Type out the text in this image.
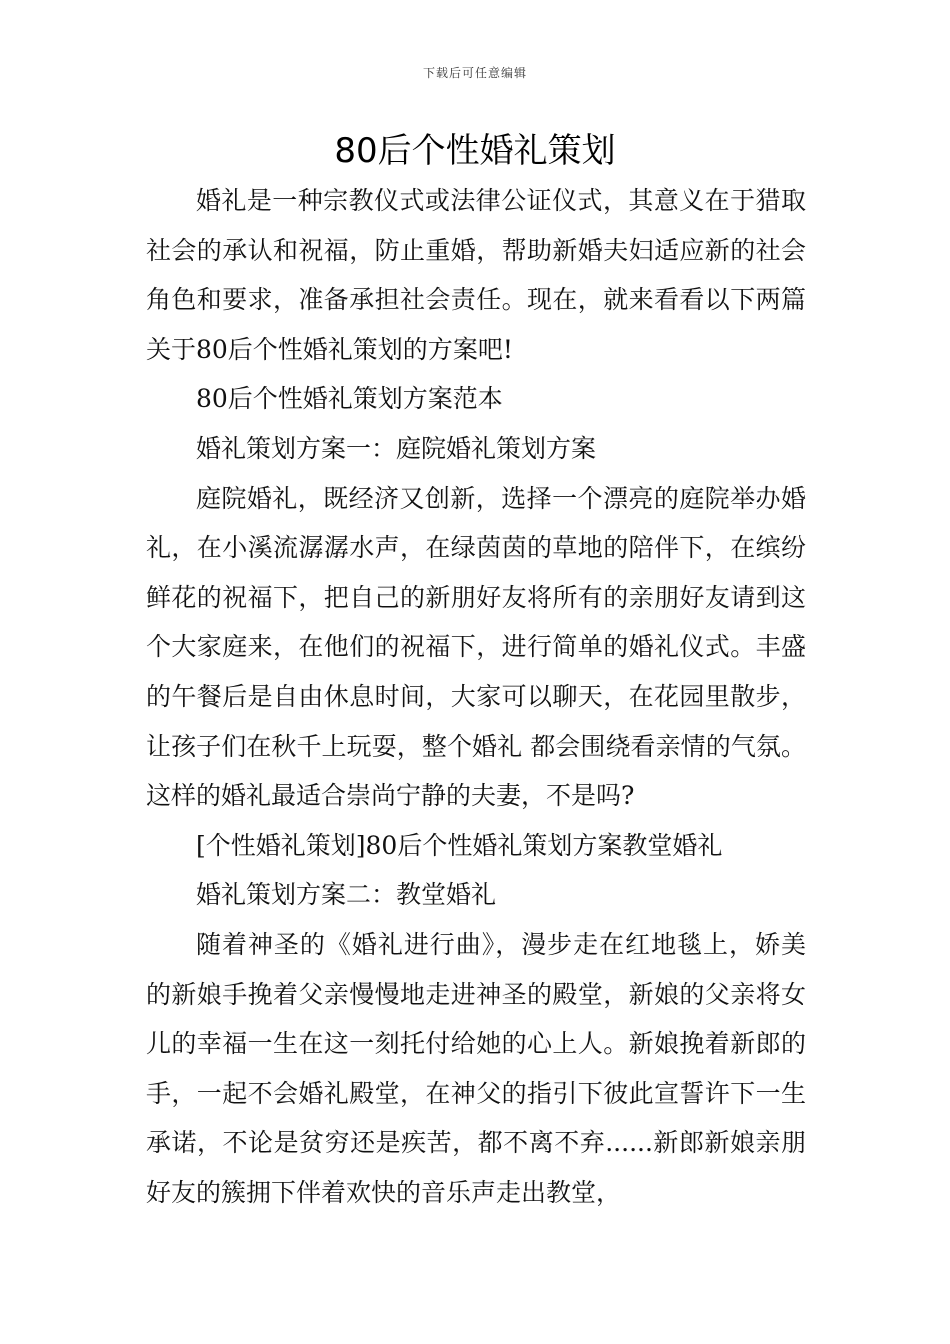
下载后可任意编辑
80后个性婚礼策划

婚礼是一种宗教仪式或法律公证仪式，其意义在于猎取社会的承认和祝福，防止重婚，帮助新婚夫妇适应新的社会角色和要求，准备承担社会责任。现在，就来看看以下两篇关于80后个性婚礼策划的方案吧!

80后个性婚礼策划方案范本

婚礼策划方案一：庭院婚礼策划方案

庭院婚礼，既经济又创新，选择一个漂亮的庭院举办婚礼，在小溪流潺潺水声，在绿茵茵的草地的陪伴下，在缤纷鲜花的祝福下，把自己的新朋好友将所有的亲朋好友请到这个大家庭来，在他们的祝福下，进行简单的婚礼仪式。丰盛的午餐后是自由休息时间，大家可以聊天，在花园里散步，让孩子们在秋千上玩耍，整个婚礼 都会围绕看亲情的气氛。这样的婚礼最适合崇尚宁静的夫妻，不是吗?

[个性婚礼策划]80后个性婚礼策划方案教堂婚礼

婚礼策划方案二：教堂婚礼

随着神圣的《婚礼进行曲》，漫步走在红地毯上，娇美的新娘手挽着父亲慢慢地走进神圣的殿堂，新娘的父亲将女儿的幸福一生在这一刻托付给她的心上人。新娘挽着新郎的手，一起不会婚礼殿堂，在神父的指引下彼此宣誓许下一生承诺，不论是贫穷还是疾苦，都不离不弃......新郎新娘亲朋好友的簇拥下伴着欢快的音乐声走出教堂，
